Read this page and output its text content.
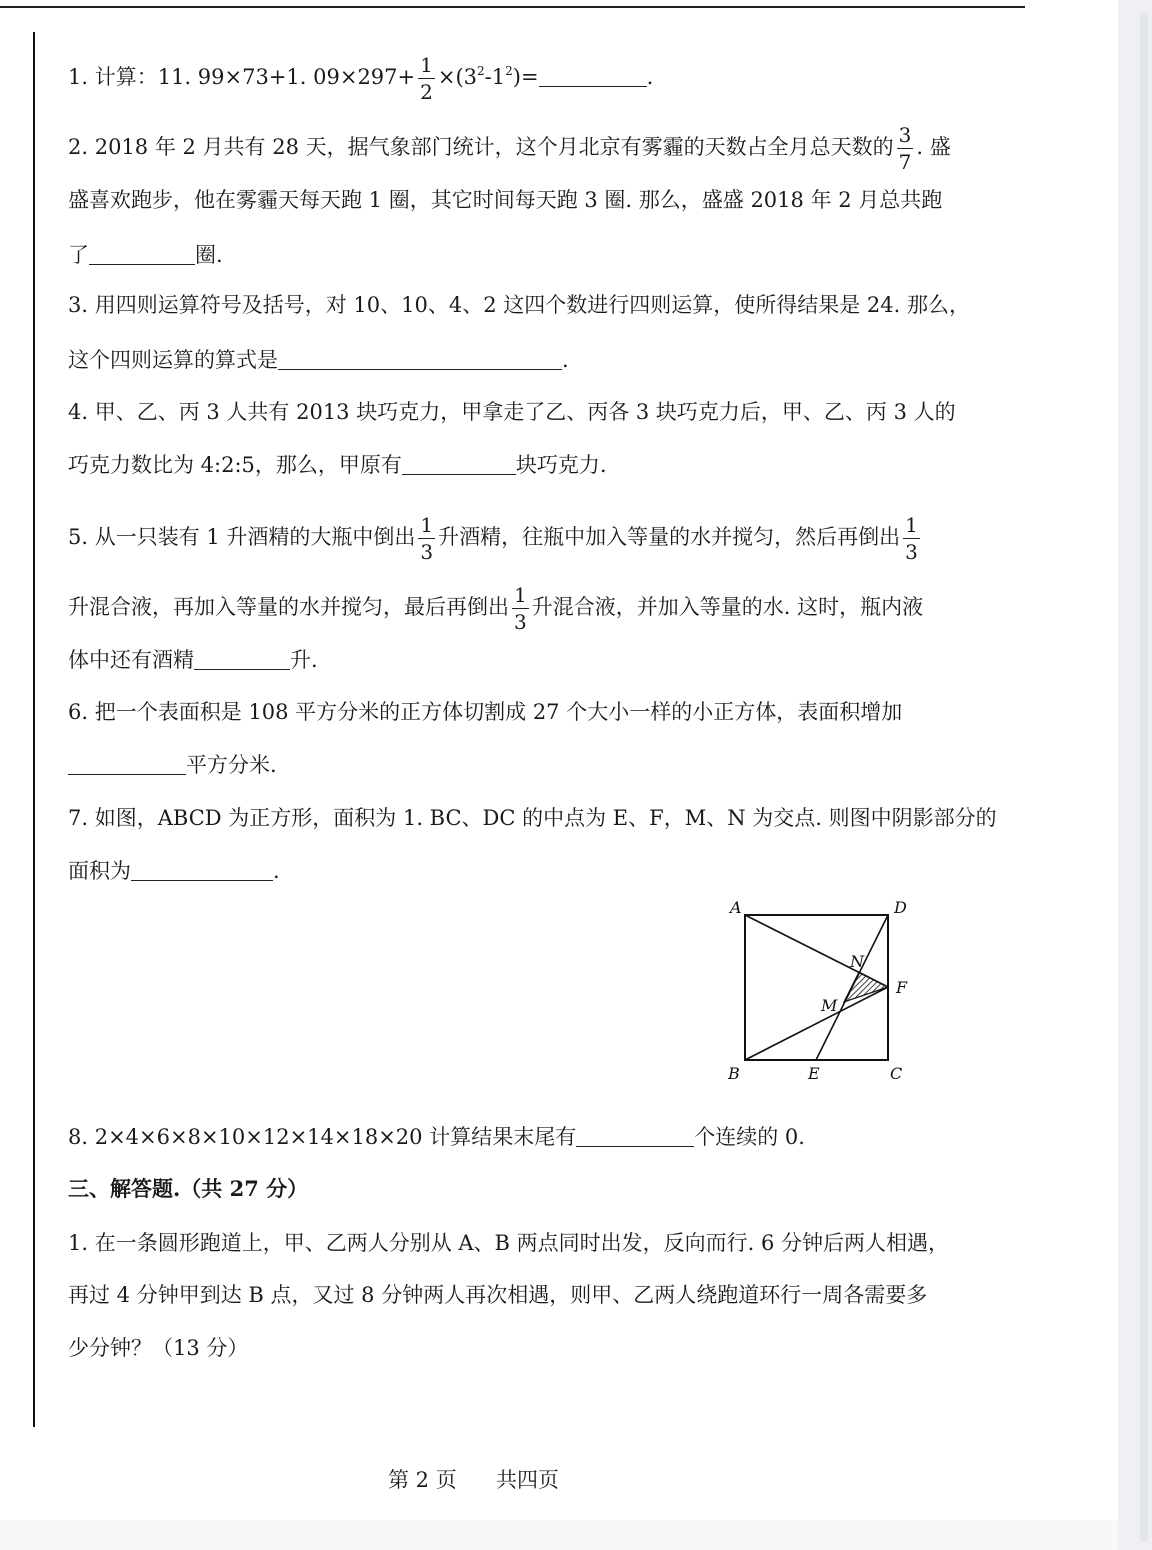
1. 计算：11. 99×73+1. $09\times 297+ \frac{1}{2} \times(3^2-1^2)=$	.
2. 2018 年 2 月共有 28 天，据气象部门统计，这个月北京有雾霾的天数占全月总天数的 $\frac{3}{7}$ . 盛
盛喜欢跑步，他在雾霾天每天跑 1 圈，其它时间每天跑 3 圈. 那么，盛盛 2018 年 2 月总共跑
了	圈.
3. 用四则运算符号及括号，对 10、10、4、2 这四个数进行四则运算，使所得结果是 24. 那么，
这个四则运算的算式是	.
4. 甲、乙、丙 3 人共有 2013 块巧克力，甲拿走了乙、丙各 3 块巧克力后，甲、乙、丙 3 人的
巧克力数比为 4:2:5，那么，甲原有	块巧克力.
5. 从一只装有 1 升酒精的大瓶中倒出 $\frac{1}{3}$ 升酒精，往瓶中加入等量的水并搅匀，然后再倒出 $\frac{1}{3}$
升混合液，再加入等量的水并搅匀，最后再倒出 $\frac{1}{3}$ 升混合液，并加入等量的水. 这时，瓶内液
体中还有酒精	升.
6. 把一个表面积是 108 平方分米的正方体切割成 27 个大小一样的小正方体，表面积增加
平方分米.
7. 如图，ABCD 为正方形，面积为 1. BC、DC 的中点为 E、F，M、N 为交点. 则图中阴影部分的
面积为	.
A	D
N
F
M
B	E	C
8. 2×4×6×8×10×12×14×18×20 计算结果末尾有	个连续的 0.
三、解答题.（共 27 分）
1. 在一条圆形跑道上，甲、乙两人分别从 A、B 两点同时出发，反向而行. 6 分钟后两人相遇，
再过 4 分钟甲到达 B 点，又过 8 分钟两人再次相遇，则甲、乙两人绕跑道环行一周各需要多
少分钟？（13 分）
第 2 页 共四页
